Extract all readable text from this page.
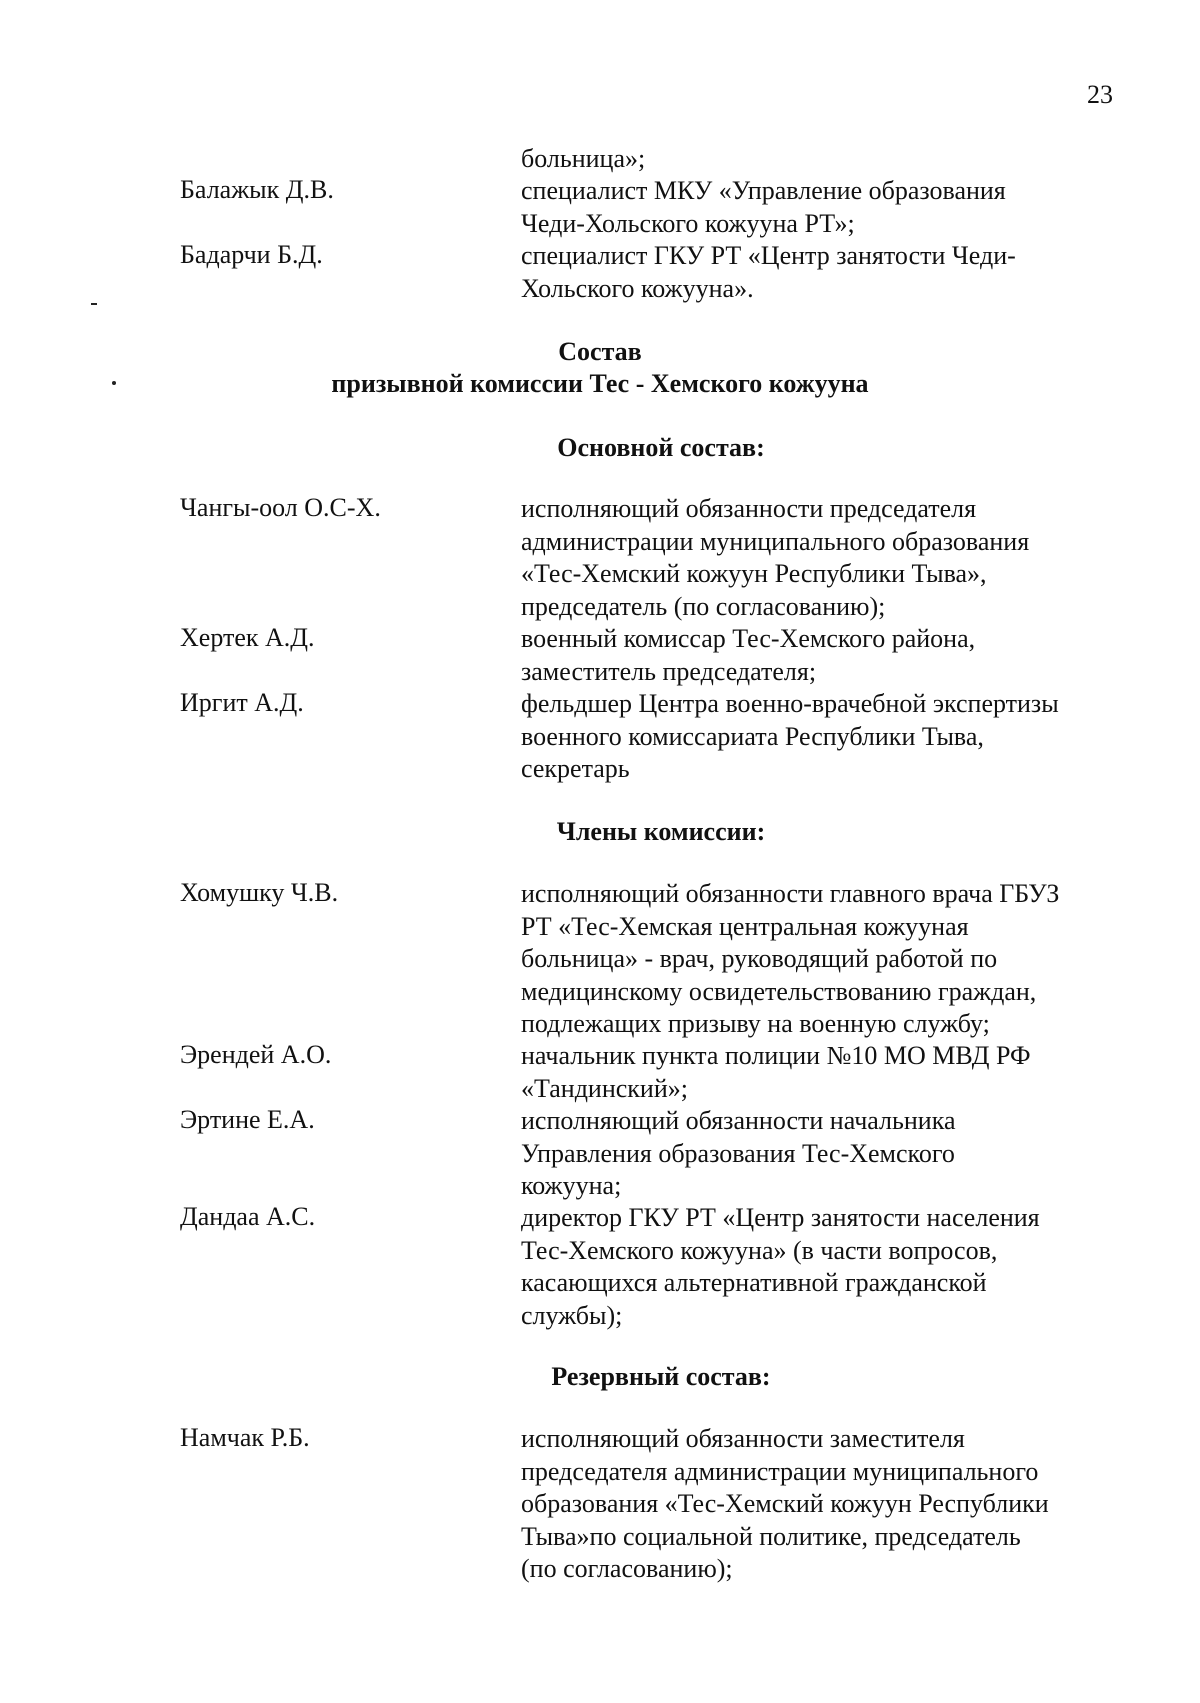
23
больница»;
Балажык Д.В.	специалист МКУ «Управление образования
Чеди-Хольского кожууна РТ»;
Бадарчи Б.Д.	специалист ГКУ РТ «Центр занятости Чеди-
Хольского кожууна».
Состав
призывной комиссии Тес - Хемского кожууна
Основной состав:
Чангы-оол О.С-Х.	исполняющий обязанности председателя
администрации муниципального образования
«Тес-Хемский кожуун Республики Тыва»,
председатель (по согласованию);
Хертек А.Д.	военный комиссар Тес-Хемского района,
заместитель председателя;
Иргит А.Д.	фельдшер Центра военно-врачебной экспертизы
военного комиссариата Республики Тыва,
секретарь
Члены комиссии:
Хомушку Ч.В.	исполняющий обязанности главного врача ГБУЗ
РТ «Тес-Хемская центральная кожууная
больница» - врач, руководящий работой по
медицинскому освидетельствованию граждан,
подлежащих призыву на военную службу;
Эрендей А.О.	начальник пункта полиции №10 МО МВД РФ
«Тандинский»;
Эртине Е.А.	исполняющий обязанности начальника
Управления образования Тес-Хемского
кожууна;
Дандаа А.С.	директор ГКУ РТ «Центр занятости населения
Тес-Хемского кожууна» (в части вопросов,
касающихся альтернативной гражданской
службы);
Резервный состав:
Намчак Р.Б.	исполняющий обязанности заместителя
председателя администрации муниципального
образования «Тес-Хемский кожуун Республики
Тыва»по социальной политике, председатель
(по согласованию);
